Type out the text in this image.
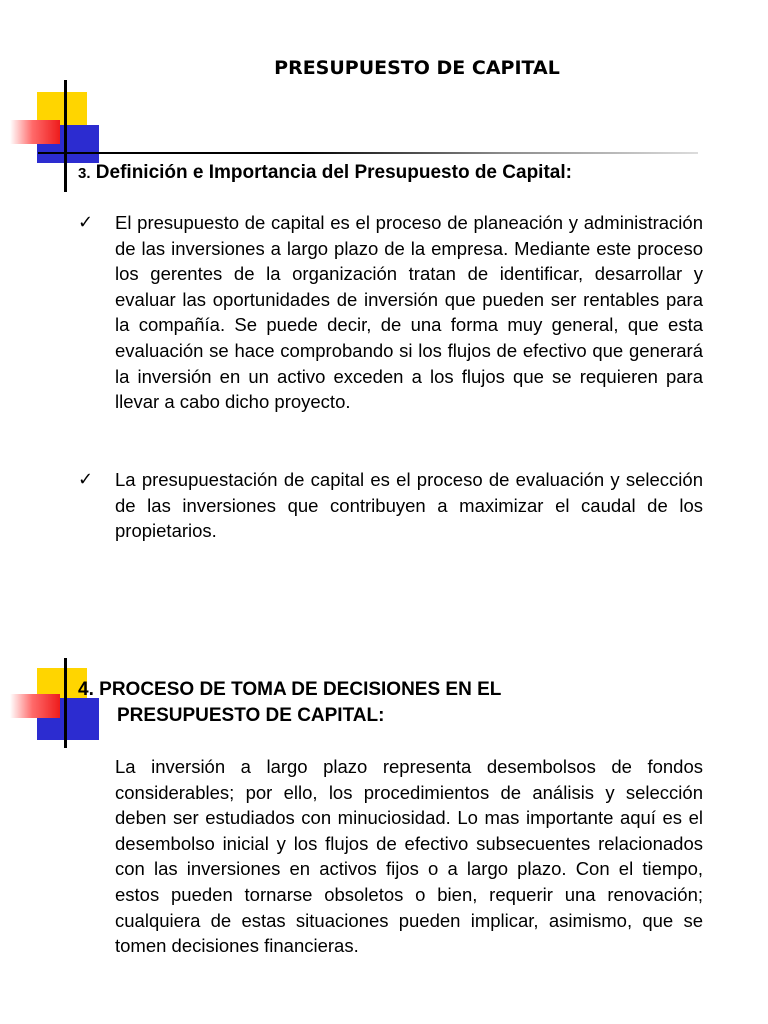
PRESUPUESTO DE CAPITAL
3. Definición e Importancia del Presupuesto de Capital:
✓ El presupuesto de capital es el proceso de planeación y administración de las inversiones a largo plazo de la empresa. Mediante este proceso los gerentes de la organización tratan de identificar, desarrollar y evaluar las oportunidades de inversión que pueden ser rentables para la compañía. Se puede decir, de una forma muy general, que esta evaluación se hace comprobando si los flujos de efectivo que generará la inversión en un activo exceden a los flujos que se requieren para llevar a cabo dicho proyecto.
✓ La presupuestación de capital es el proceso de evaluación y selección de las inversiones que contribuyen a maximizar el caudal de los propietarios.
4. PROCESO DE TOMA DE DECISIONES EN EL
PRESUPUESTO DE CAPITAL:
La inversión a largo plazo representa desembolsos de fondos considerables; por ello, los procedimientos de análisis y selección deben ser estudiados con minuciosidad. Lo mas importante aquí es el desembolso inicial y los flujos de efectivo subsecuentes relacionados con las inversiones en activos fijos o a largo plazo. Con el tiempo, estos pueden tornarse obsoletos o bien, requerir una renovación; cualquiera de estas situaciones pueden implicar, asimismo, que se tomen decisiones financieras.
